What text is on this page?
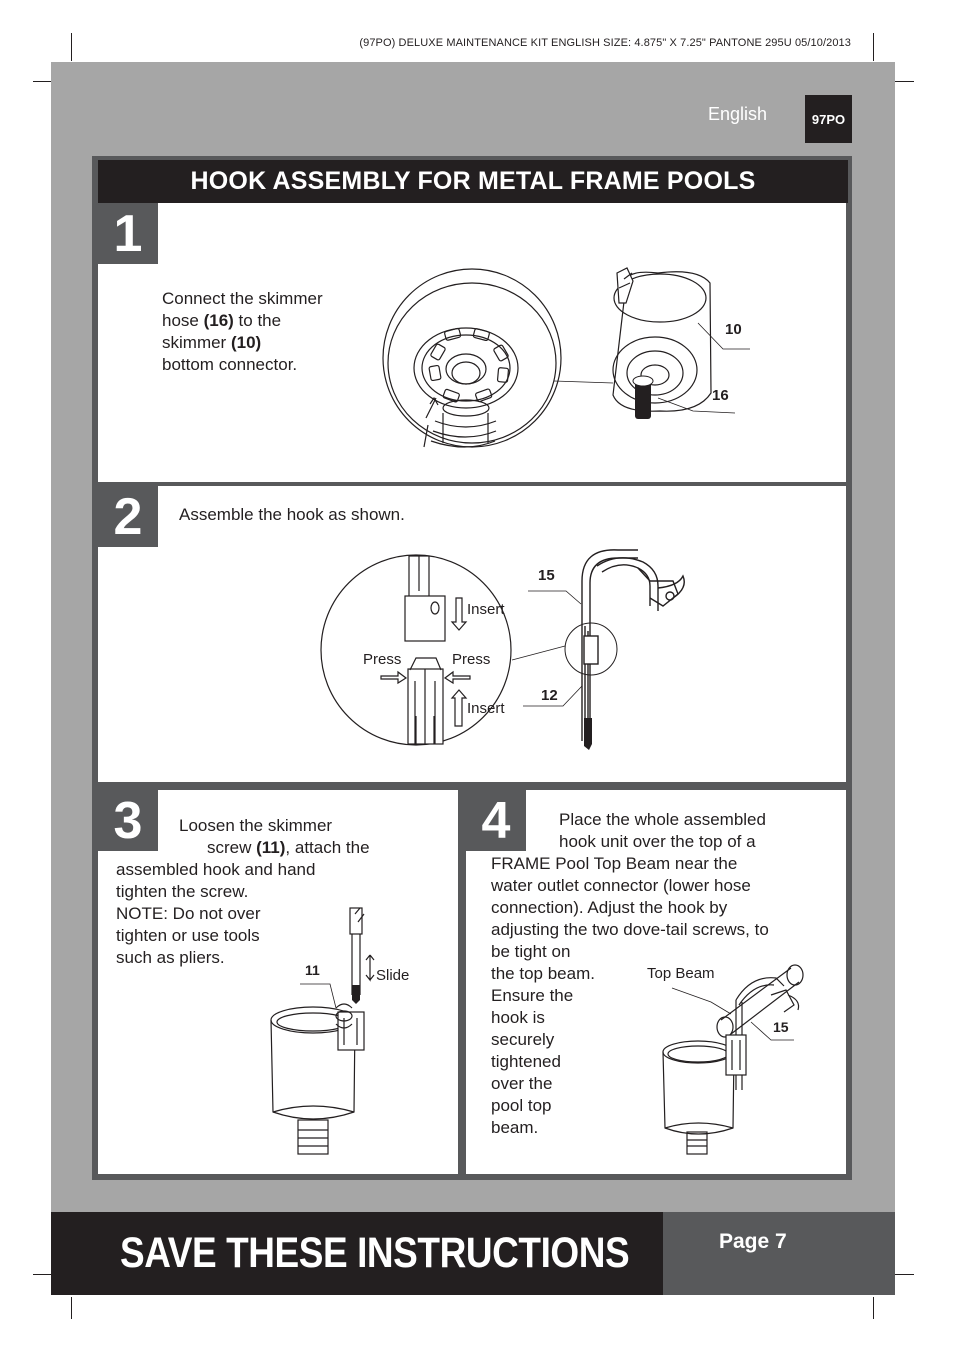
(97PO) DELUXE MAINTENANCE KIT ENGLISH SIZE: 4.875" X 7.25" PANTONE 295U 05/10/2013
English	97PO
HOOK ASSEMBLY FOR METAL FRAME POOLS
1
Connect the skimmer
hose (16) to the
skimmer (10)
bottom connector.
10
16
2	Assemble the hook as shown.
Insert
Press	Press
Insert
15
12
3	Loosen the skimmer
screw (11), attach the
assembled hook and hand
tighten the screw.
NOTE: Do not over
tighten or use tools
such as pliers.
11	Slide
4	Place the whole assembled
hook unit over the top of a
FRAME Pool Top Beam near the
water outlet connector (lower hose
connection). Adjust the hook by
adjusting the two dove-tail screws, to
be tight on
the top beam.
Ensure the
hook is
securely
tightened
over the
pool top
beam.
Top Beam
15
SAVE THESE INSTRUCTIONS	Page 7
